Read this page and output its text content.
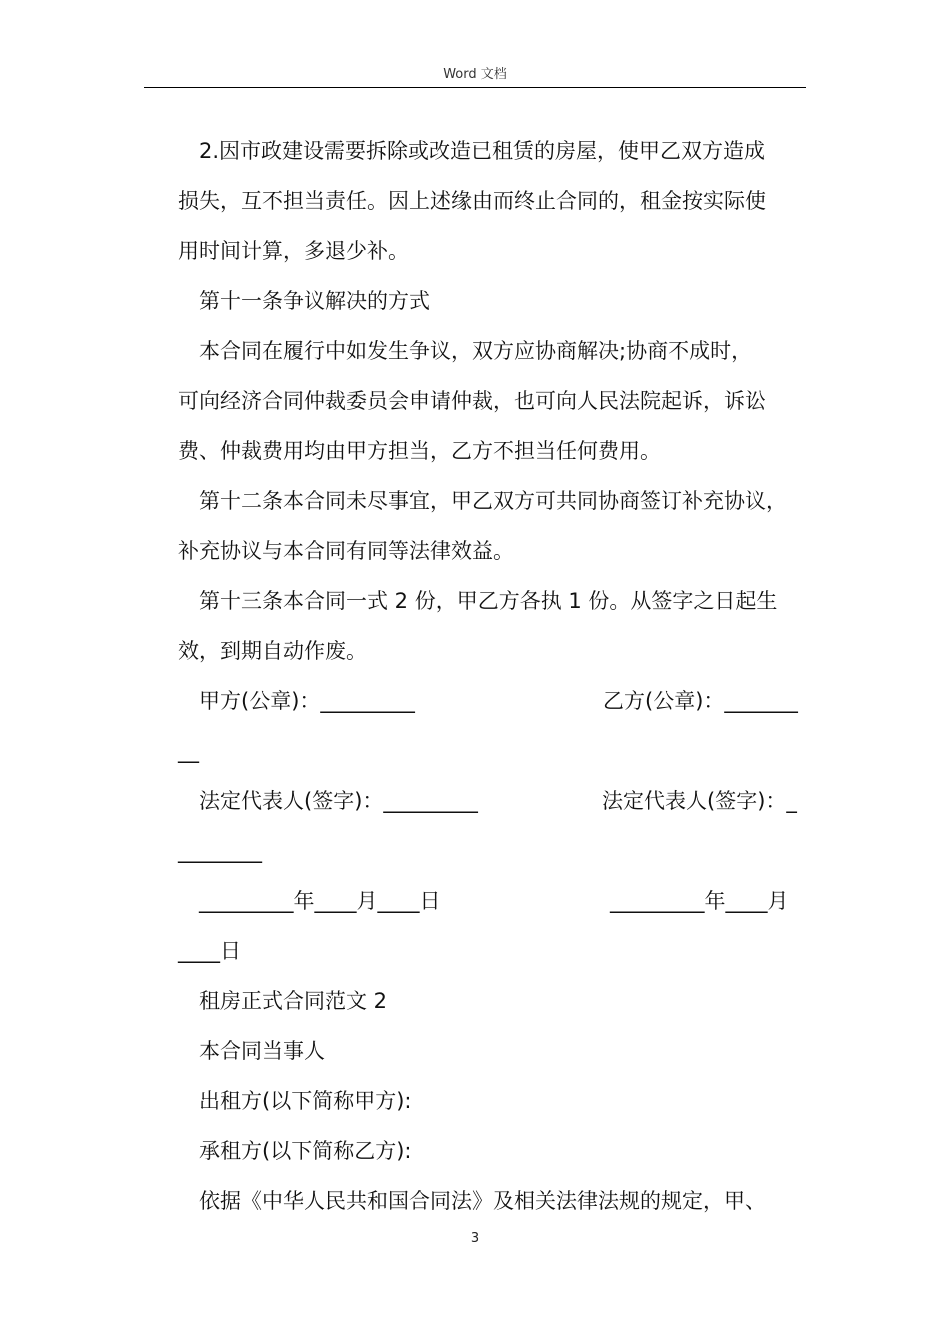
Word 文档

2.因市政建设需要拆除或改造已租赁的房屋，使甲乙双方造成

损失，互不担当责任。因上述缘由而终止合同的，租金按实际使

用时间计算，多退少补。

第十一条争议解决的方式

本合同在履行中如发生争议，双方应协商解决;协商不成时，

可向经济合同仲裁委员会申请仲裁，也可向人民法院起诉，诉讼

费、仲裁费用均由甲方担当，乙方不担当任何费用。

第十二条本合同未尽事宜，甲乙双方可共同协商签订补充协议，

补充协议与本合同有同等法律效益。

第十三条本合同一式 2 份，甲乙方各执 1 份。从签字之日起生

效，到期自动作废。

甲方(公章)：_________	乙方(公章)：_______

__

法定代表人(签字)：_________	法定代表人(签字)：_

________

_________年____月____日	_________年____月

____日

租房正式合同范文 2

本合同当事人

出租方(以下简称甲方):

承租方(以下简称乙方):

依据《中华人民共和国合同法》及相关法律法规的规定，甲、

3
